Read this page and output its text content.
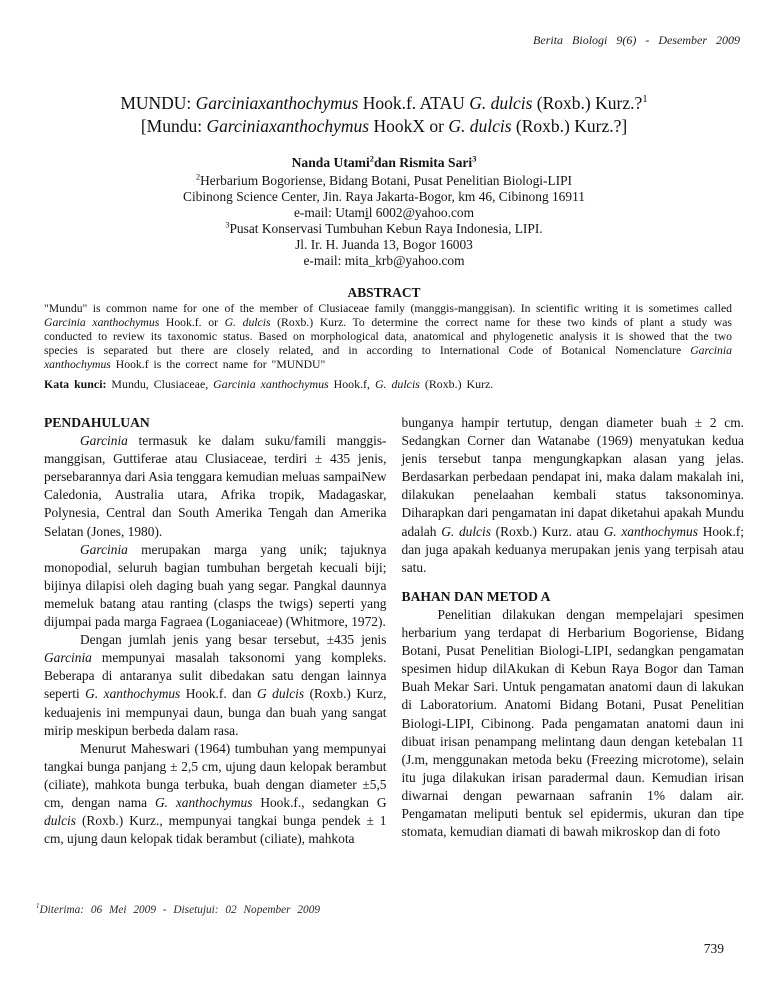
Berita Biologi 9(6) - Desember 2009
MUNDU: Garciniaxanthochymus Hook.f. ATAU G. dulcis (Roxb.) Kurz.?$^1$
[Mundu: Garciniaxanthochymus HookX or G. dulcis (Roxb.) Kurz.?]
Nanda Utami$^2$dan Rismita Sari$^3$
$^2$Herbarium Bogoriense, Bidang Botani, Pusat Penelitian Biologi-LIPI
Cibinong Science Center, Jin. Raya Jakarta-Bogor, km 46, Cibinong 16911
e-mail: Utamil 6002@yahoo.com
$^3$Pusat Konservasi Tumbuhan Kebun Raya Indonesia, LIPI.
Jl. Ir. H. Juanda 13, Bogor 16003
e-mail: mita_krb@yahoo.com
ABSTRACT

"Mundu" is common name for one of the member of Clusiaceae family (manggis-manggisan). In scientific writing it is sometimes called Garcinia xanthochymus Hook.f. or G. dulcis (Roxb.) Kurz. To determine the correct name for these two kinds of plant a study was conducted to review its taxonomic status. Based on morphological data, anatomical and phylogenetic analysis it is showed that the two species is separated but there are closely related, and in according to International Code of Botanical Nomenclature Garcinia xanthochymus Hook.f is the correct name for "MUNDU"

Kata kunci: Mundu, Clusiaceae, Garcinia xanthochymus Hook.f, G. dulcis (Roxb.) Kurz.

PENDAHULUAN

Garcinia termasuk ke dalam suku/famili manggis-manggisan, Guttiferae atau Clusiaceae, terdiri ± 435 jenis, persebarannya dari Asia tenggara kemudian meluas sampaiNew Caledonia, Australia utara, Afrika tropik, Madagaskar, Polynesia, Central dan South Amerika Tengah dan Amerika Selatan (Jones, 1980).

Garcinia merupakan marga yang unik; tajuknya monopodial, seluruh bagian tumbuhan bergetah kecuali biji; bijinya dilapisi oleh daging buah yang segar. Pangkal daunnya memeluk batang atau ranting (clasps the twigs) seperti yang dijumpai pada marga Fagraea (Loganiaceae) (Whitmore, 1972).

Dengan jumlah jenis yang besar tersebut, ±435 jenis Garcinia mempunyai masalah taksonomi yang kompleks. Beberapa di antaranya sulit dibedakan satu dengan lainnya seperti G. xanthochymus Hook.f. dan G dulcis (Roxb.) Kurz, keduajenis ini mempunyai daun, bunga dan buah yang sangat mirip meskipun berbeda dalam rasa.

Menurut Maheswari (1964) tumbuhan yang mempunyai tangkai bunga panjang ± 2,5 cm, ujung daun kelopak berambut (ciliate), mahkota bunga terbuka, buah dengan diameter ±5,5 cm, dengan nama G. xanthochymus Hook.f., sedangkan G dulcis (Roxb.) Kurz., mempunyai tangkai bunga pendek ± 1 cm, ujung daun kelopak tidak berambut (ciliate), mahkota

bunganya hampir tertutup, dengan diameter buah ± 2 cm. Sedangkan Corner dan Watanabe (1969) menyatukan kedua jenis tersebut tanpa mengungkapkan alasan yang jelas. Berdasarkan perbedaan pendapat ini, maka dalam makalah ini, dilakukan penelaahan kembali status taksonominya. Diharapkan dari pengamatan ini dapat diketahui apakah Mundu adalah G. dulcis (Roxb.) Kurz. atau G. xanthochymus Hook.f; dan juga apakah keduanya merupakan jenis yang terpisah atau satu.

BAHAN DAN METOD A

Penelitian dilakukan dengan mempelajari spesimen herbarium yang terdapat di Herbarium Bogoriense, Bidang Botani, Pusat Penelitian Biologi-LIPI, sedangkan pengamatan spesimen hidup dilAkukan di Kebun Raya Bogor dan Taman Buah Mekar Sari. Untuk pengamatan anatomi daun di lakukan di Laboratorium. Anatomi Bidang Botani, Pusat Penelitian Biologi-LIPI, Cibinong. Pada pengamatan anatomi daun ini dibuat irisan penampang melintang daun dengan ketebalan 11 (J.m, menggunakan metoda beku (Freezing microtome), selain itu juga dilakukan irisan paradermal daun. Kemudian irisan diwarnai dengan pewarnaan safranin 1% dalam air. Pengamatan meliputi bentuk sel epidermis, ukuran dan tipe stomata, kemudian diamati di bawah mikroskop dan di foto

$^1$Diterima: 06 Mei 2009 - Disetujui: 02 Nopember 2009
739
